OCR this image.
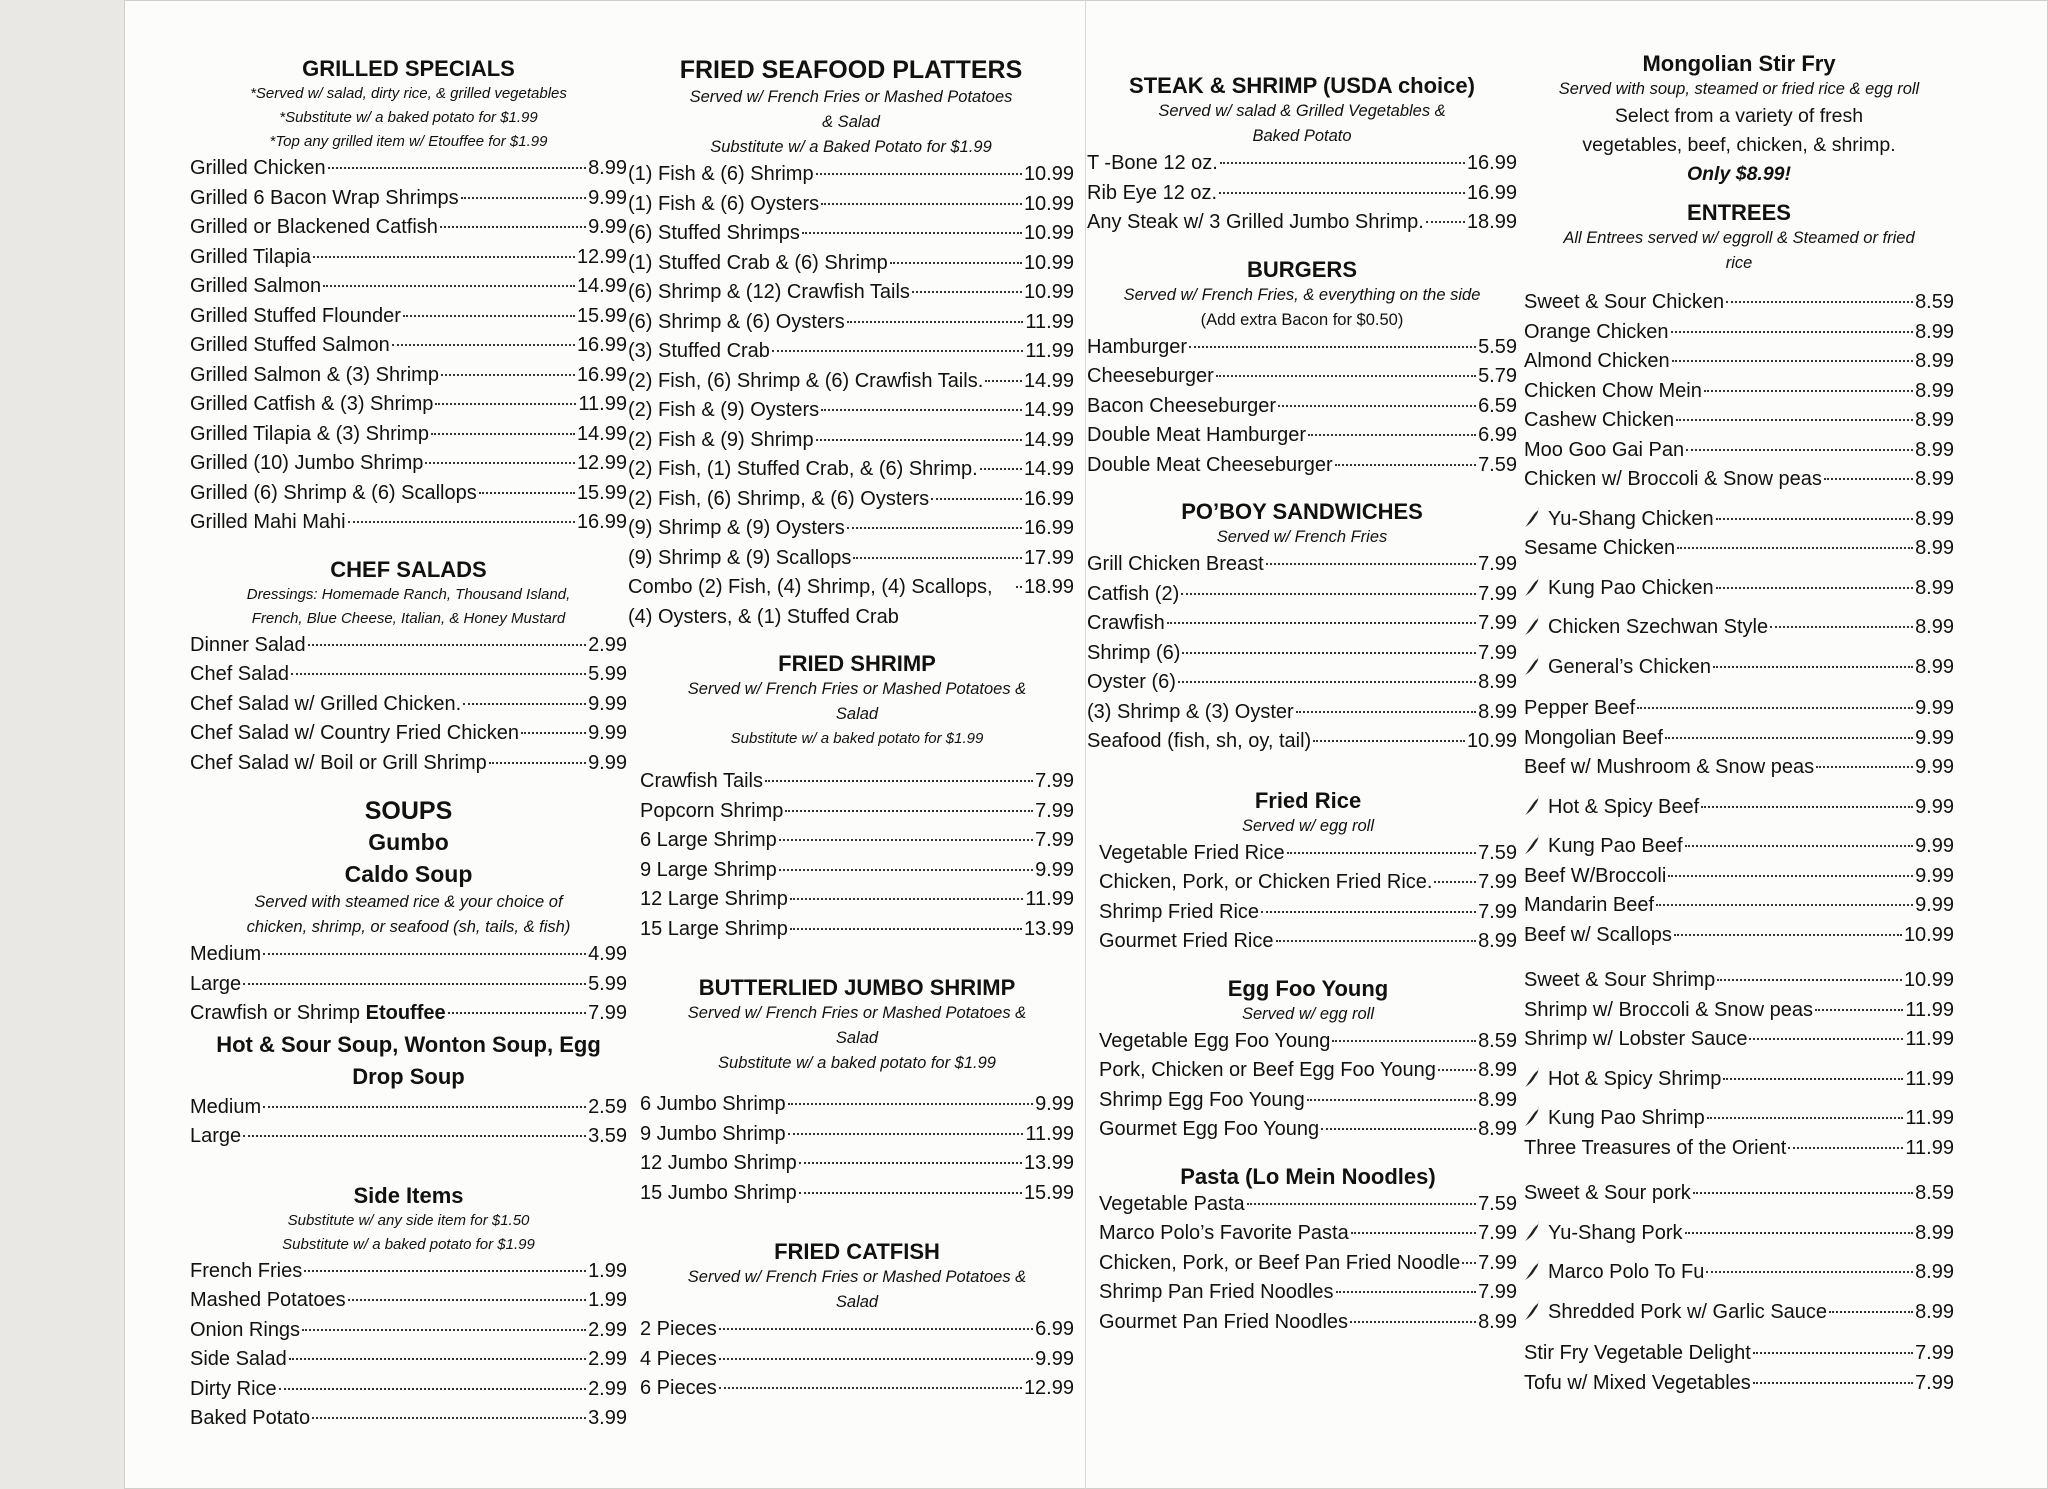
GRILLED SPECIALS

*Served w/ salad, dirty rice, & grilled vegetables

*Substitute w/ a baked potato for $1.99

*Top any grilled item w/ Etouffee for $1.99

Grilled Chicken	8.99
Grilled 6 Bacon Wrap Shrimps	9.99
Grilled or Blackened Catfish	9.99
Grilled Tilapia	12.99
Grilled Salmon	14.99
Grilled Stuffed Flounder	15.99
Grilled Stuffed Salmon	16.99
Grilled Salmon & (3) Shrimp	16.99
Grilled Catfish & (3) Shrimp	11.99
Grilled Tilapia & (3) Shrimp	14.99
Grilled (10) Jumbo Shrimp	12.99
Grilled (6) Shrimp & (6) Scallops	15.99
Grilled Mahi Mahi	16.99
CHEF SALADS

Dressings: Homemade Ranch, Thousand Island,

French, Blue Cheese, Italian, & Honey Mustard

Dinner Salad	2.99
Chef Salad	5.99
Chef Salad w/ Grilled Chicken.	9.99
Chef Salad w/ Country Fried Chicken	9.99
Chef Salad w/ Boil or Grill Shrimp	9.99
SOUPS
Gumbo
Caldo Soup

Served with steamed rice & your choice of

chicken, shrimp, or seafood (sh, tails, & fish)

Medium	4.99
Large	5.99
Crawfish or Shrimp Etouffee	7.99
Hot & Sour Soup, Wonton Soup, Egg Drop Soup
Medium	2.59
Large	3.59
Side Items

Substitute w/ any side item for $1.50

Substitute w/ a baked potato for $1.99

French Fries	1.99
Mashed Potatoes	1.99
Onion Rings	2.99
Side Salad	2.99
Dirty Rice	2.99
Baked Potato	3.99
FRIED SEAFOOD PLATTERS

Served w/ French Fries or Mashed Potatoes

& Salad

Substitute w/ a Baked Potato for $1.99

(1) Fish & (6) Shrimp	10.99
(1) Fish & (6) Oysters	10.99
(6) Stuffed Shrimps	10.99
(1) Stuffed Crab & (6) Shrimp	10.99
(6) Shrimp & (12) Crawfish Tails	10.99
(6) Shrimp & (6) Oysters	11.99
(3) Stuffed Crab	11.99
(2) Fish, (6) Shrimp & (6) Crawfish Tails. 14.99
(2) Fish & (9) Oysters	14.99
(2) Fish & (9) Shrimp	14.99
(2) Fish, (1) Stuffed Crab, & (6) Shrimp. 14.99
(2) Fish, (6) Shrimp, & (6) Oysters	16.99
(9) Shrimp & (9) Oysters	16.99
(9) Shrimp & (9) Scallops	17.99
Combo (2) Fish, (4) Shrimp, (4) Scallops, (4) Oysters, & (1) Stuffed Crab
18.99
FRIED SHRIMP

Served w/ French Fries or Mashed Potatoes &

Salad

Substitute w/ a baked potato for $1.99

Crawfish Tails	7.99
Popcorn Shrimp	7.99
6 Large Shrimp	7.99
9 Large Shrimp	9.99
12 Large Shrimp	11.99
15 Large Shrimp	13.99
BUTTERLIED JUMBO SHRIMP

Served w/ French Fries or Mashed Potatoes &

Salad

Substitute w/ a baked potato for $1.99

6 Jumbo Shrimp	9.99
9 Jumbo Shrimp	11.99
12 Jumbo Shrimp	13.99
15 Jumbo Shrimp	15.99
FRIED CATFISH

Served w/ French Fries or Mashed Potatoes &

Salad

2 Pieces	6.99
4 Pieces	9.99
6 Pieces	12.99
STEAK & SHRIMP (USDA choice)

Served w/ salad & Grilled Vegetables &

Baked Potato

T -Bone 12 oz.	16.99
Rib Eye 12 oz.	16.99
Any Steak w/ 3 Grilled Jumbo Shrimp. 18.99
BURGERS

Served w/ French Fries, & everything on the side

(Add extra Bacon for $0.50)

Hamburger	5.59
Cheeseburger	5.79
Bacon Cheeseburger	6.59
Double Meat Hamburger	6.99
Double Meat Cheeseburger	7.59
PO’BOY SANDWICHES

Served w/ French Fries

Grill Chicken Breast	7.99
Catfish (2)	7.99
Crawfish	7.99
Shrimp (6)	7.99
Oyster (6)	8.99
(3) Shrimp & (3) Oyster	8.99
Seafood (fish, sh, oy, tail)	10.99
Fried Rice

Served w/ egg roll

Vegetable Fried Rice	7.59
Chicken, Pork, or Chicken Fried Rice. 7.99
Shrimp Fried Rice	7.99
Gourmet Fried Rice	8.99
Egg Foo Young

Served w/ egg roll

Vegetable Egg Foo Young	8.59
Pork, Chicken or Beef Egg Foo Young 8.99
Shrimp Egg Foo Young	8.99
Gourmet Egg Foo Young	8.99
Pasta (Lo Mein Noodles)
Vegetable Pasta	7.59
Marco Polo’s Favorite Pasta	7.99
Chicken, Pork, or Beef Pan Fried Noodle 7.99
Shrimp Pan Fried Noodles	7.99
Gourmet Pan Fried Noodles	8.99
Mongolian Stir Fry

Served with soup, steamed or fried rice & egg roll

Select from a variety of fresh

vegetables, beef, chicken, & shrimp.

Only $8.99!

ENTREES

All Entrees served w/ eggroll & Steamed or fried

rice

Sweet & Sour Chicken	8.59
Orange Chicken	8.99
Almond Chicken	8.99
Chicken Chow Mein	8.99
Cashew Chicken	8.99
Moo Goo Gai Pan	8.99
Chicken w/ Broccoli & Snow peas	8.99
Yu-Shang Chicken	8.99
Sesame Chicken	8.99
Kung Pao Chicken	8.99
Chicken Szechwan Style	8.99
General’s Chicken	8.99
Pepper Beef	9.99
Mongolian Beef	9.99
Beef w/ Mushroom & Snow peas	9.99
Hot & Spicy Beef	9.99
Kung Pao Beef	9.99
Beef W/Broccoli	9.99
Mandarin Beef	9.99
Beef w/ Scallops	10.99
Sweet & Sour Shrimp	10.99
Shrimp w/ Broccoli & Snow peas	11.99
Shrimp w/ Lobster Sauce	11.99
Hot & Spicy Shrimp	11.99
Kung Pao Shrimp	11.99
Three Treasures of the Orient	11.99
Sweet & Sour pork	8.59
Yu-Shang Pork	8.99
Marco Polo To Fu	8.99
Shredded Pork w/ Garlic Sauce	8.99
Stir Fry Vegetable Delight	7.99
Tofu w/ Mixed Vegetables	7.99
